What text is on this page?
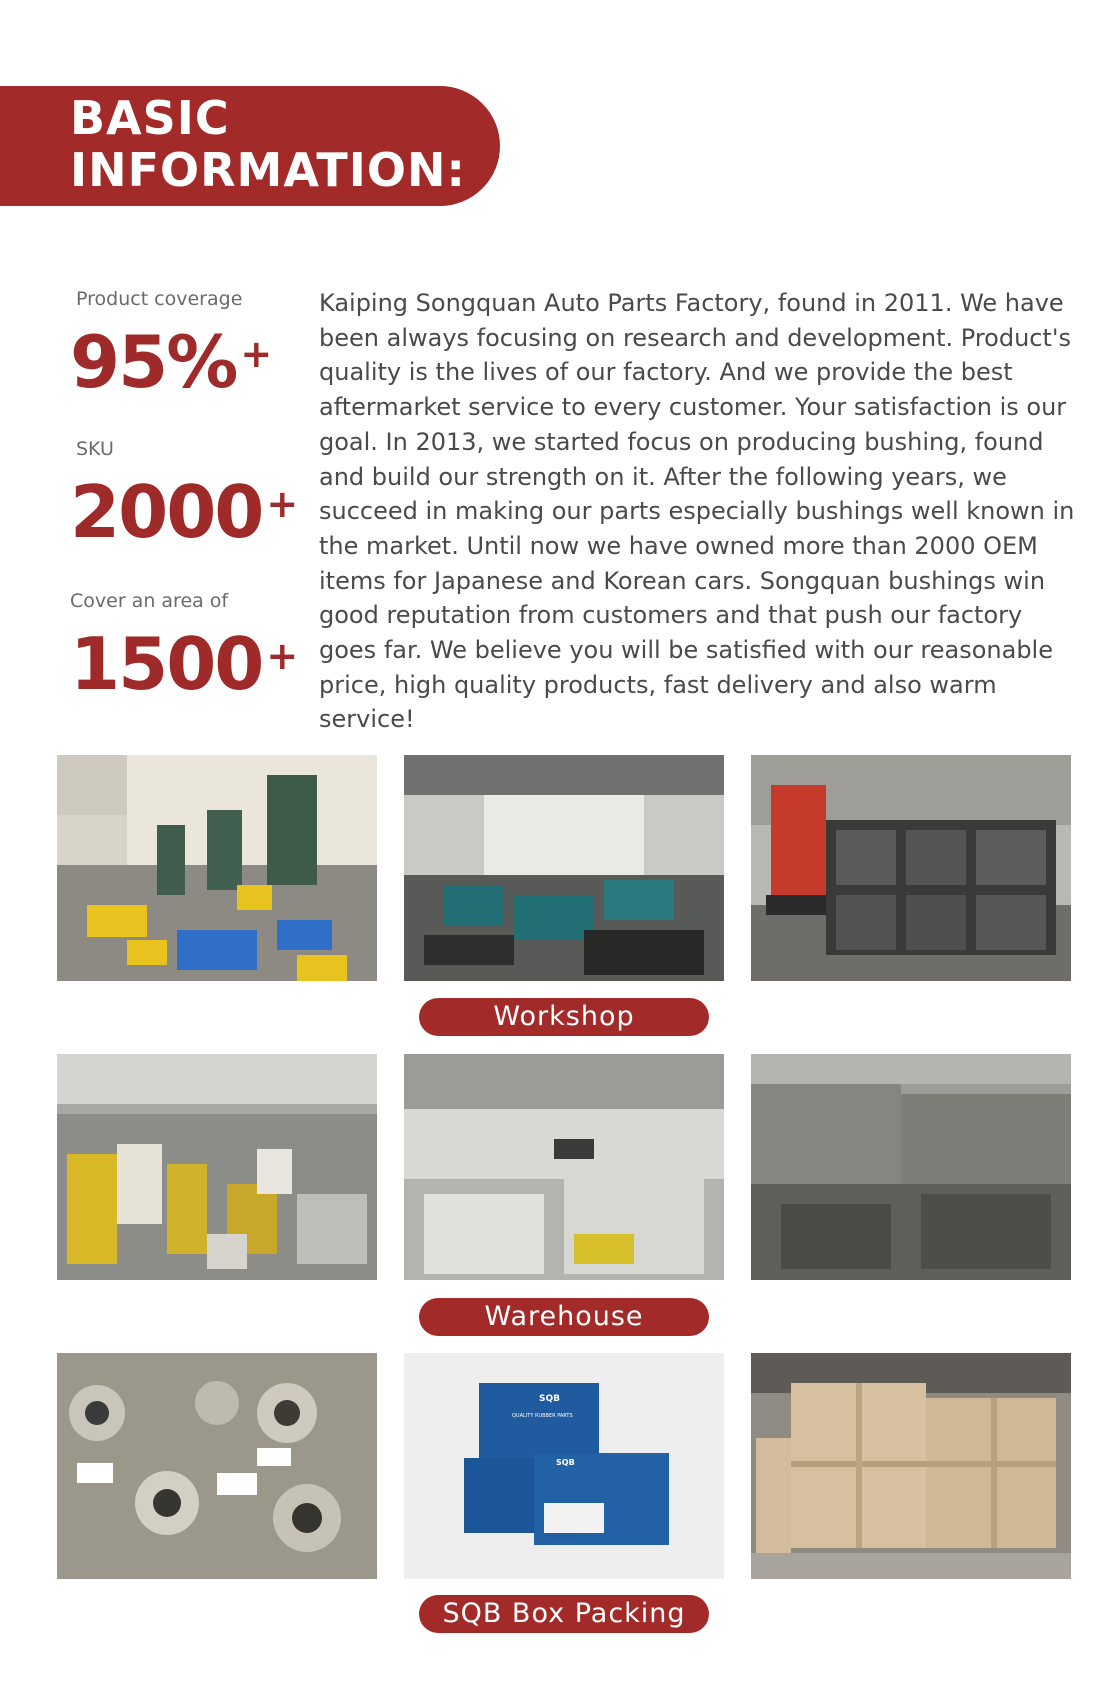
BASIC
INFORMATION:
Product coverage
95% +
SKU
2000 +
Cover an area of
1500 +
Kaiping Songquan Auto Parts Factory, found in 2011. We have been always focusing on research and development. Product's quality is the lives of our factory. And we provide the best aftermarket service to every customer. Your satisfaction is our goal. In 2013, we started focus on producing bushing, found and build our strength on it. After the following years, we succeed in making our parts especially bushings well known in the market. Until now we have owned more than 2000 OEM items for Japanese and Korean cars. Songquan bushings win good reputation from customers and that push our factory goes far. We believe you will be satisfied with our reasonable price, high quality products, fast delivery and also warm service!
Workshop
Warehouse
SQB
QUALITY RUBBER PARTS
SQB
BUSHING
SQB Box Packing
